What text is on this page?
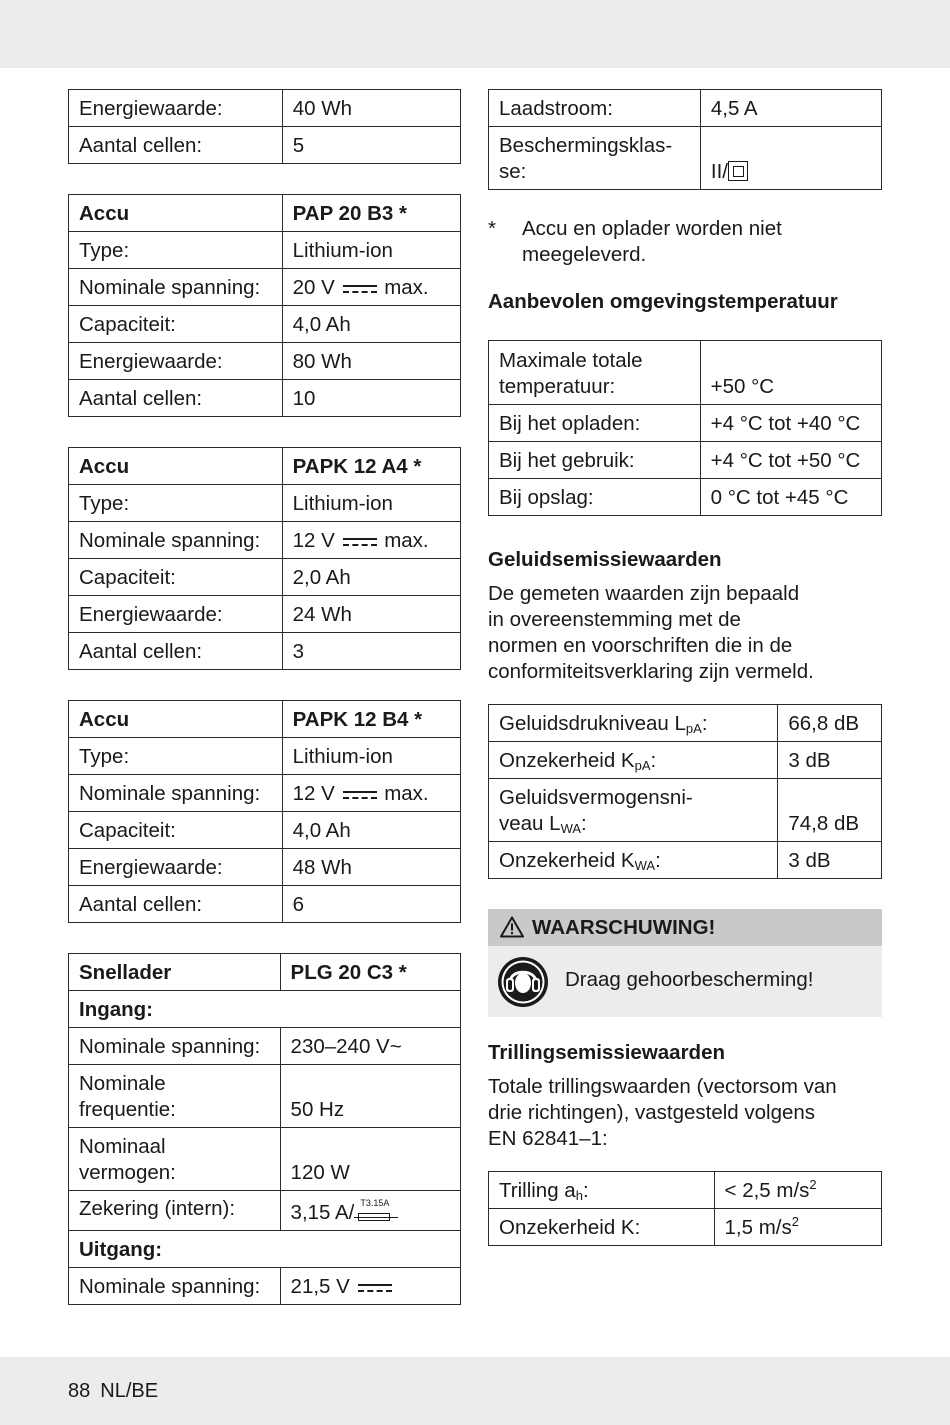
Energiewaarde:	40 Wh
Aantal cellen:	5
Accu	PAP 20 B3 *
Type:	Lithium-ion
Nominale spanning:	20 V max.
Capaciteit:	4,0 Ah
Energiewaarde:	80 Wh
Aantal cellen:	10
Accu	PAPK 12 A4 *
Type:	Lithium-ion
Nominale spanning:	12 V max.
Capaciteit:	2,0 Ah
Energiewaarde:	24 Wh
Aantal cellen:	3
Accu	PAPK 12 B4 *
Type:	Lithium-ion
Nominale spanning:	12 V max.
Capaciteit:	4,0 Ah
Energiewaarde:	48 Wh
Aantal cellen:	6
Snellader	PLG 20 C3 *
Ingang:	
Nominale spanning:	230–240 V~
Nominale
frequentie:	50 Hz
Nominaal
vermogen:	120 W
Zekering (intern):	3,15 A/ T3.15A

Uitgang:	
Nominale spanning:	21,5 V
Laadstroom:	4,5 A
Beschermingsklas-
se:	II/
* Accu en oplader worden niet
meegeleverd.
Aanbevolen omgevingstemperatuur
Maximale totale
temperatuur:	+50 °C
Bij het opladen:	+4 °C tot +40 °C
Bij het gebruik:	+4 °C tot +50 °C
Bij opslag:	0 °C tot +45 °C
Geluidsemissiewaarden
De gemeten waarden zijn bepaald
in overeenstemming met de
normen en voorschriften die in de
conformiteitsverklaring zijn vermeld.
Geluidsdrukniveau $L_{pA}$:	66,8 dB
Onzekerheid $K_{pA}$:	3 dB
Geluidsvermogensni-
veau $L_{WA}$:	74,8 dB
Onzekerheid $K_{WA}$:	3 dB
WAARSCHUWING!
Draag gehoorbescherming!
Trillingsemissiewaarden
Totale trillingswaarden (vectorsom van
drie richtingen), vastgesteld volgens
EN 62841–1:
Trilling $a_h$:	< 2,5 $m/s^2$
Onzekerheid K:	1,5 $m/s^2$
88 NL/BE
